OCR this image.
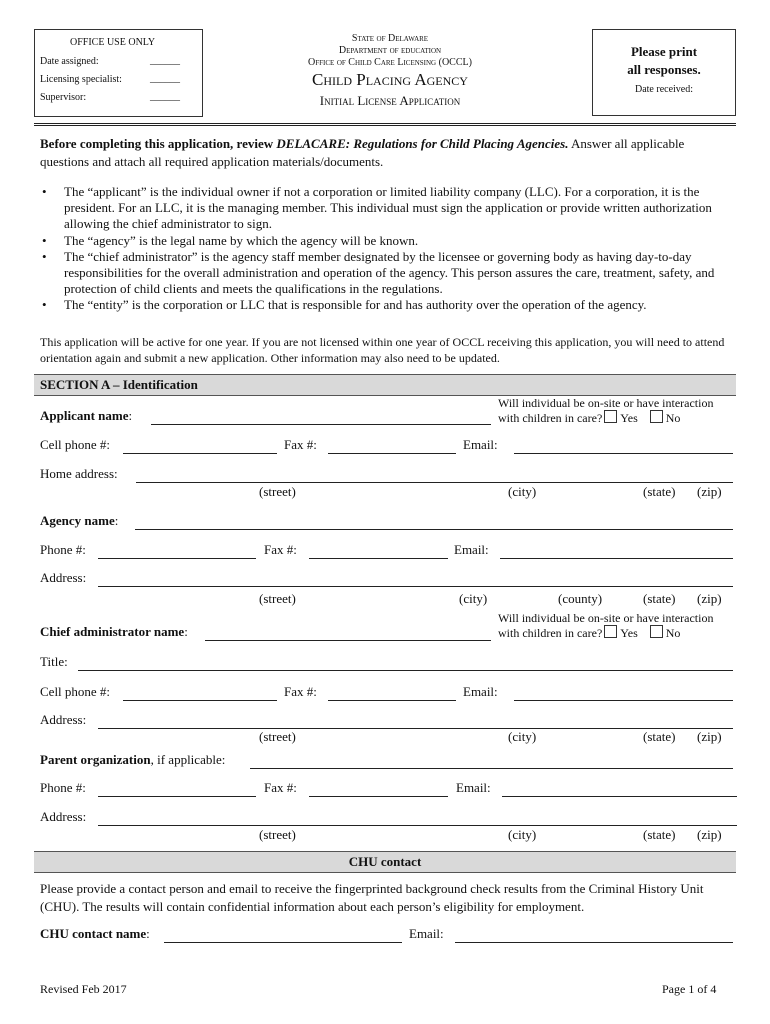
OFFICE USE ONLY
Date assigned:	______
Licensing specialist:	______
Supervisor:	______
State of Delaware
Department of education
Office of Child Care Licensing (OCCL)
Child Placing Agency
Initial License Application
Please print
all responses.
Date received:
Before completing this application, review DELACARE: Regulations for Child Placing Agencies. Answer all applicable questions and attach all required application materials/documents.
• The “applicant” is the individual owner if not a corporation or limited liability company (LLC). For a corporation, it is the president. For an LLC, it is the managing member. This individual must sign the application or provide written authorization allowing the chief administrator to sign.
• The “agency” is the legal name by which the agency will be known.
• The “chief administrator” is the agency staff member designated by the licensee or governing body as having day-to-day responsibilities for the overall administration and operation of the agency. This person assures the care, treatment, safety, and protection of child clients and meets the qualifications in the regulations.
• The “entity” is the corporation or LLC that is responsible for and has authority over the operation of the agency.
This application will be active for one year. If you are not licensed within one year of OCCL receiving this application, you will need to attend orientation again and submit a new application. Other information may also need to be updated.
SECTION A – Identification
Applicant name:
Will individual be on-site or have interaction
with children in care? Yes No
Cell phone #:	Fax #:	Email:
Home address:
(street)	(city)	(state) (zip)
Agency name:
Phone #:	Fax #:	Email:
Address:
(street)	(city)	(county)	(state) (zip)
Chief administrator name:
Will individual be on-site or have interaction
with children in care? Yes No
Title:
Cell phone #:	Fax #:	Email:
Address:
(street)	(city)	(state) (zip)
Parent organization, if applicable:
Phone #:	Fax #:	Email:
Address:
(street)	(city)	(state) (zip)
CHU contact
Please provide a contact person and email to receive the fingerprinted background check results from the Criminal History Unit (CHU). The results will contain confidential information about each person’s eligibility for employment.
CHU contact name:	Email:
Revised Feb 2017	Page 1 of 4
